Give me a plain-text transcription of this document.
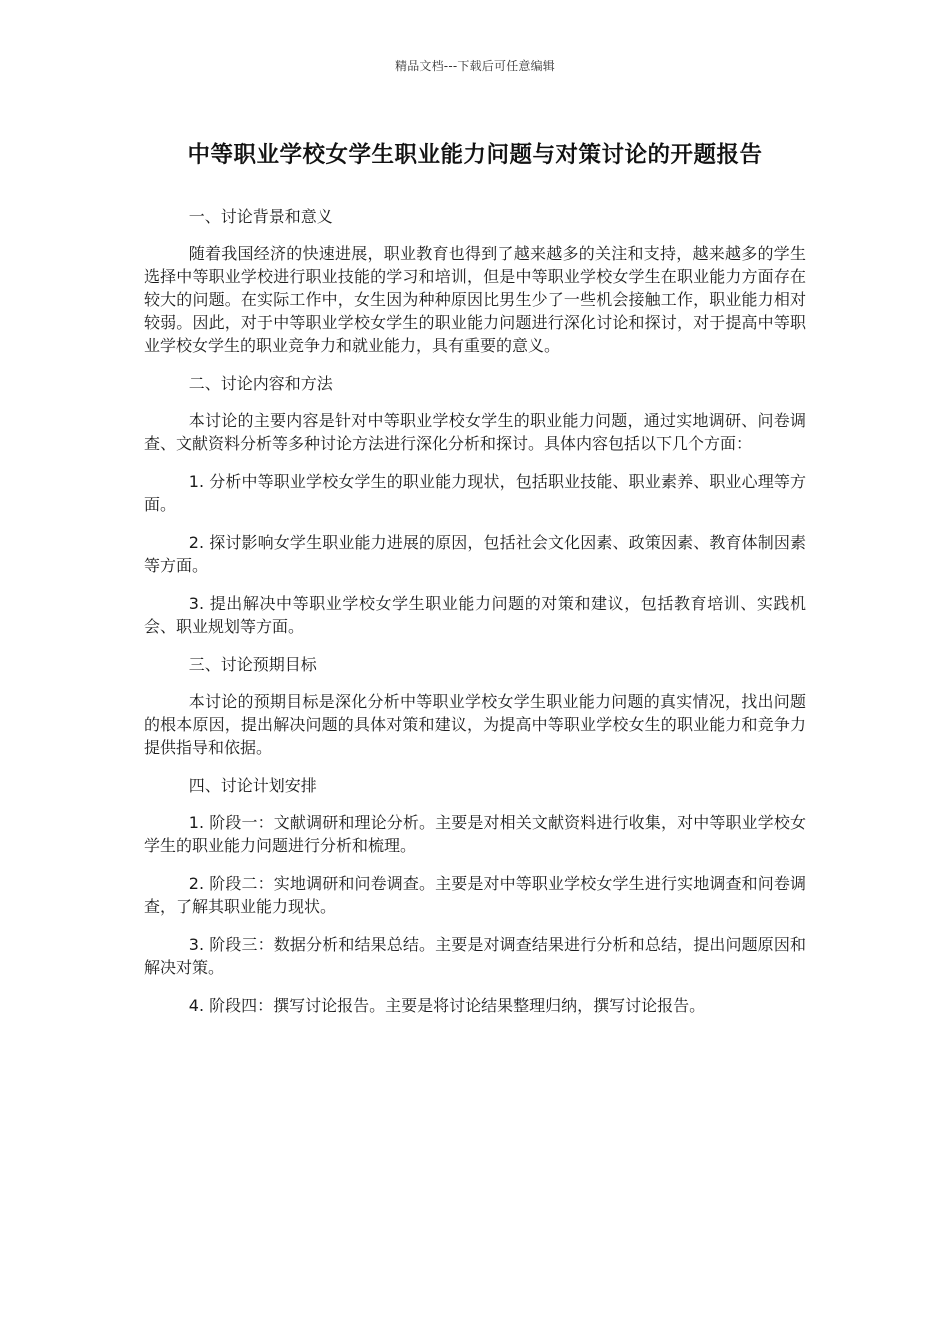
精品文档---下载后可任意编辑
中等职业学校女学生职业能力问题与对策讨论的开题报告

一、讨论背景和意义

随着我国经济的快速进展，职业教育也得到了越来越多的关注和支持，越来越多的学生选择中等职业学校进行职业技能的学习和培训，但是中等职业学校女学生在职业能力方面存在较大的问题。在实际工作中，女生因为种种原因比男生少了一些机会接触工作，职业能力相对较弱。因此，对于中等职业学校女学生的职业能力问题进行深化讨论和探讨，对于提高中等职业学校女学生的职业竞争力和就业能力，具有重要的意义。

二、讨论内容和方法

本讨论的主要内容是针对中等职业学校女学生的职业能力问题，通过实地调研、问卷调查、文献资料分析等多种讨论方法进行深化分析和探讨。具体内容包括以下几个方面：

1. 分析中等职业学校女学生的职业能力现状，包括职业技能、职业素养、职业心理等方面。

2. 探讨影响女学生职业能力进展的原因，包括社会文化因素、政策因素、教育体制因素等方面。

3. 提出解决中等职业学校女学生职业能力问题的对策和建议，包括教育培训、实践机会、职业规划等方面。

三、讨论预期目标

本讨论的预期目标是深化分析中等职业学校女学生职业能力问题的真实情况，找出问题的根本原因，提出解决问题的具体对策和建议，为提高中等职业学校女生的职业能力和竞争力提供指导和依据。

四、讨论计划安排

1. 阶段一：文献调研和理论分析。主要是对相关文献资料进行收集，对中等职业学校女学生的职业能力问题进行分析和梳理。

2. 阶段二：实地调研和问卷调查。主要是对中等职业学校女学生进行实地调查和问卷调查，了解其职业能力现状。

3. 阶段三：数据分析和结果总结。主要是对调查结果进行分析和总结，提出问题原因和解决对策。

4. 阶段四：撰写讨论报告。主要是将讨论结果整理归纳，撰写讨论报告。
